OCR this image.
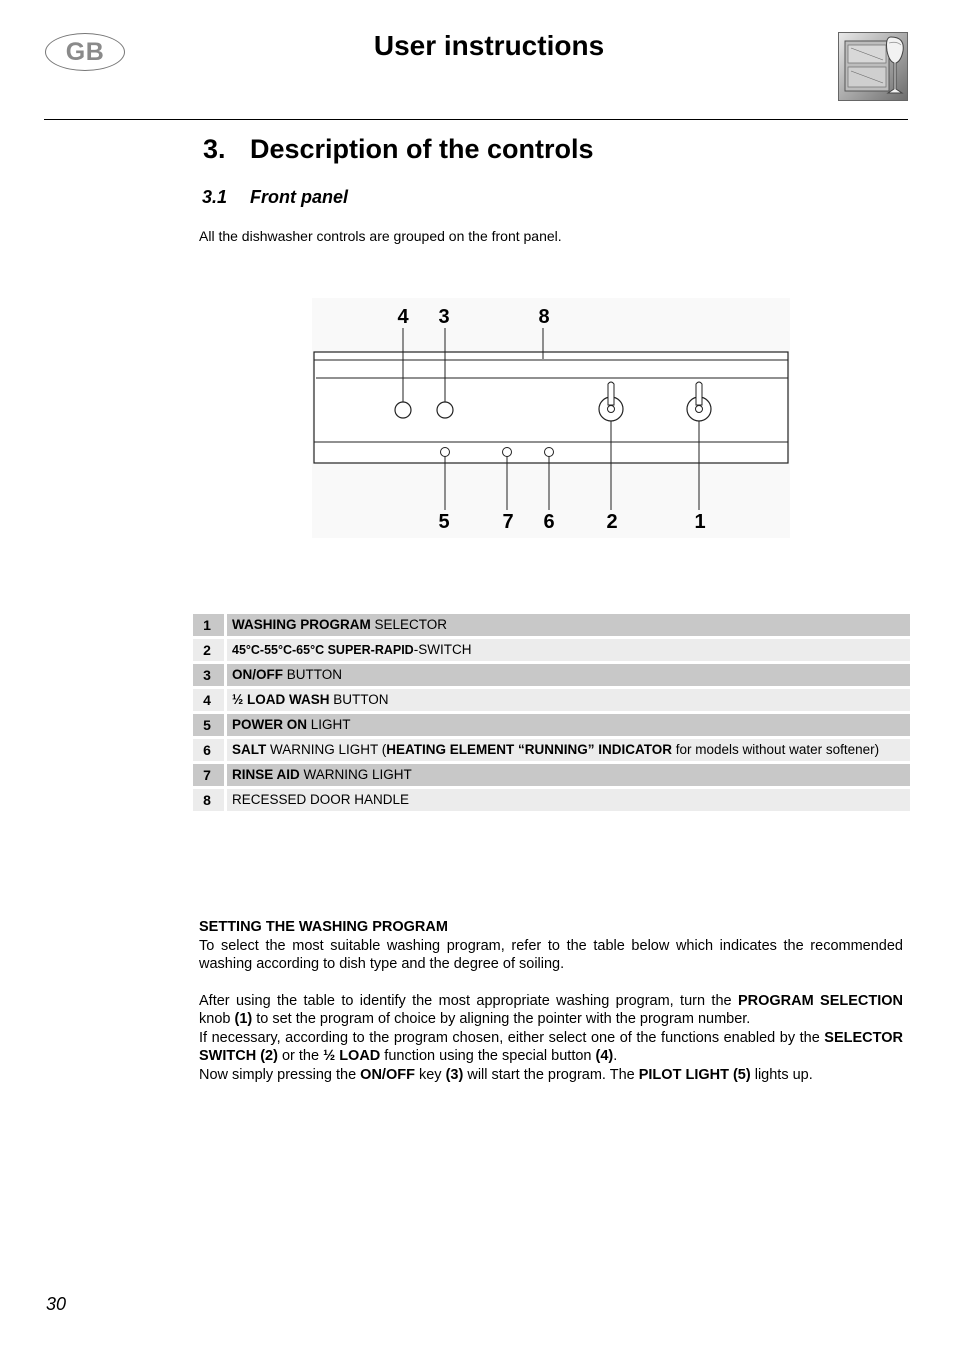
GB	User instructions
3. Description of the controls
3.1 Front panel
All the dishwasher controls are grouped on the front panel.
4 3	8
5	7 6	2	1
1		WASHING PROGRAM SELECTOR
2		45°C-55°C-65°C SUPER-RAPID-SWITCH
3		ON/OFF BUTTON
4		½ LOAD WASH BUTTON
5		POWER ON LIGHT
6		SALT WARNING LIGHT (HEATING ELEMENT “RUNNING” INDICATOR for models without water softener)
7		RINSE AID WARNING LIGHT
8		RECESSED DOOR HANDLE

SETTING THE WASHING PROGRAM

To select the most suitable washing program, refer to the table below which indicates the recommended washing according to dish type and the degree of soiling.

After using the table to identify the most appropriate washing program, turn the PROGRAM SELECTION knob (1) to set the program of choice by aligning the pointer with the program number.

If necessary, according to the program chosen, either select one of the functions enabled by the SELECTOR SWITCH (2) or the ½ LOAD function using the special button (4).

Now simply pressing the ON/OFF key (3) will start the program. The PILOT LIGHT (5) lights up.

30
